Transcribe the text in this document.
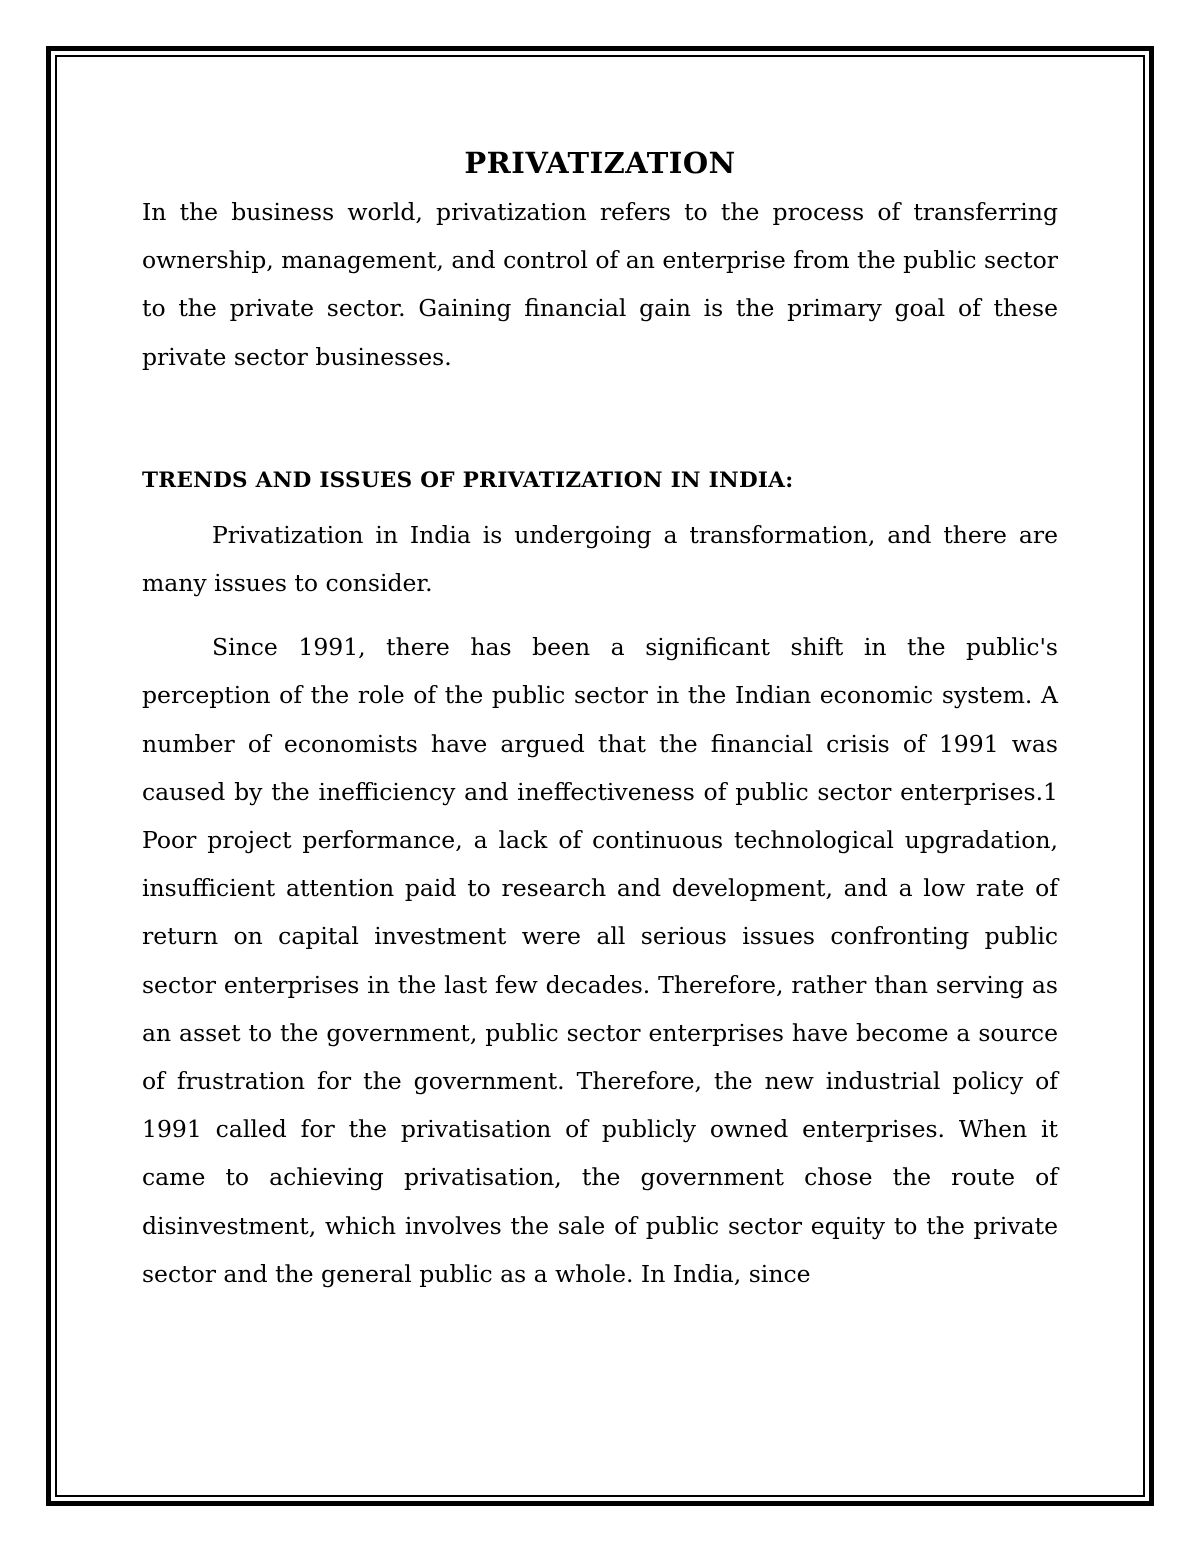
PRIVATIZATION

In the business world, privatization refers to the process of transferring ownership, management, and control of an enterprise from the public sector to the private sector. Gaining financial gain is the primary goal of these private sector businesses.

TRENDS AND ISSUES OF PRIVATIZATION IN INDIA:

Privatization in India is undergoing a transformation, and there are many issues to consider.

Since 1991, there has been a significant shift in the public's perception of the role of the public sector in the Indian economic system. A number of economists have argued that the financial crisis of 1991 was caused by the inefficiency and ineffectiveness of public sector enterprises.1 Poor project performance, a lack of continuous technological upgradation, insufficient attention paid to research and development, and a low rate of return on capital investment were all serious issues confronting public sector enterprises in the last few decades. Therefore, rather than serving as an asset to the government, public sector enterprises have become a source of frustration for the government. Therefore, the new industrial policy of 1991 called for the privatisation of publicly owned enterprises. When it came to achieving privatisation, the government chose the route of disinvestment, which involves the sale of public sector equity to the private sector and the general public as a whole. In India, since
